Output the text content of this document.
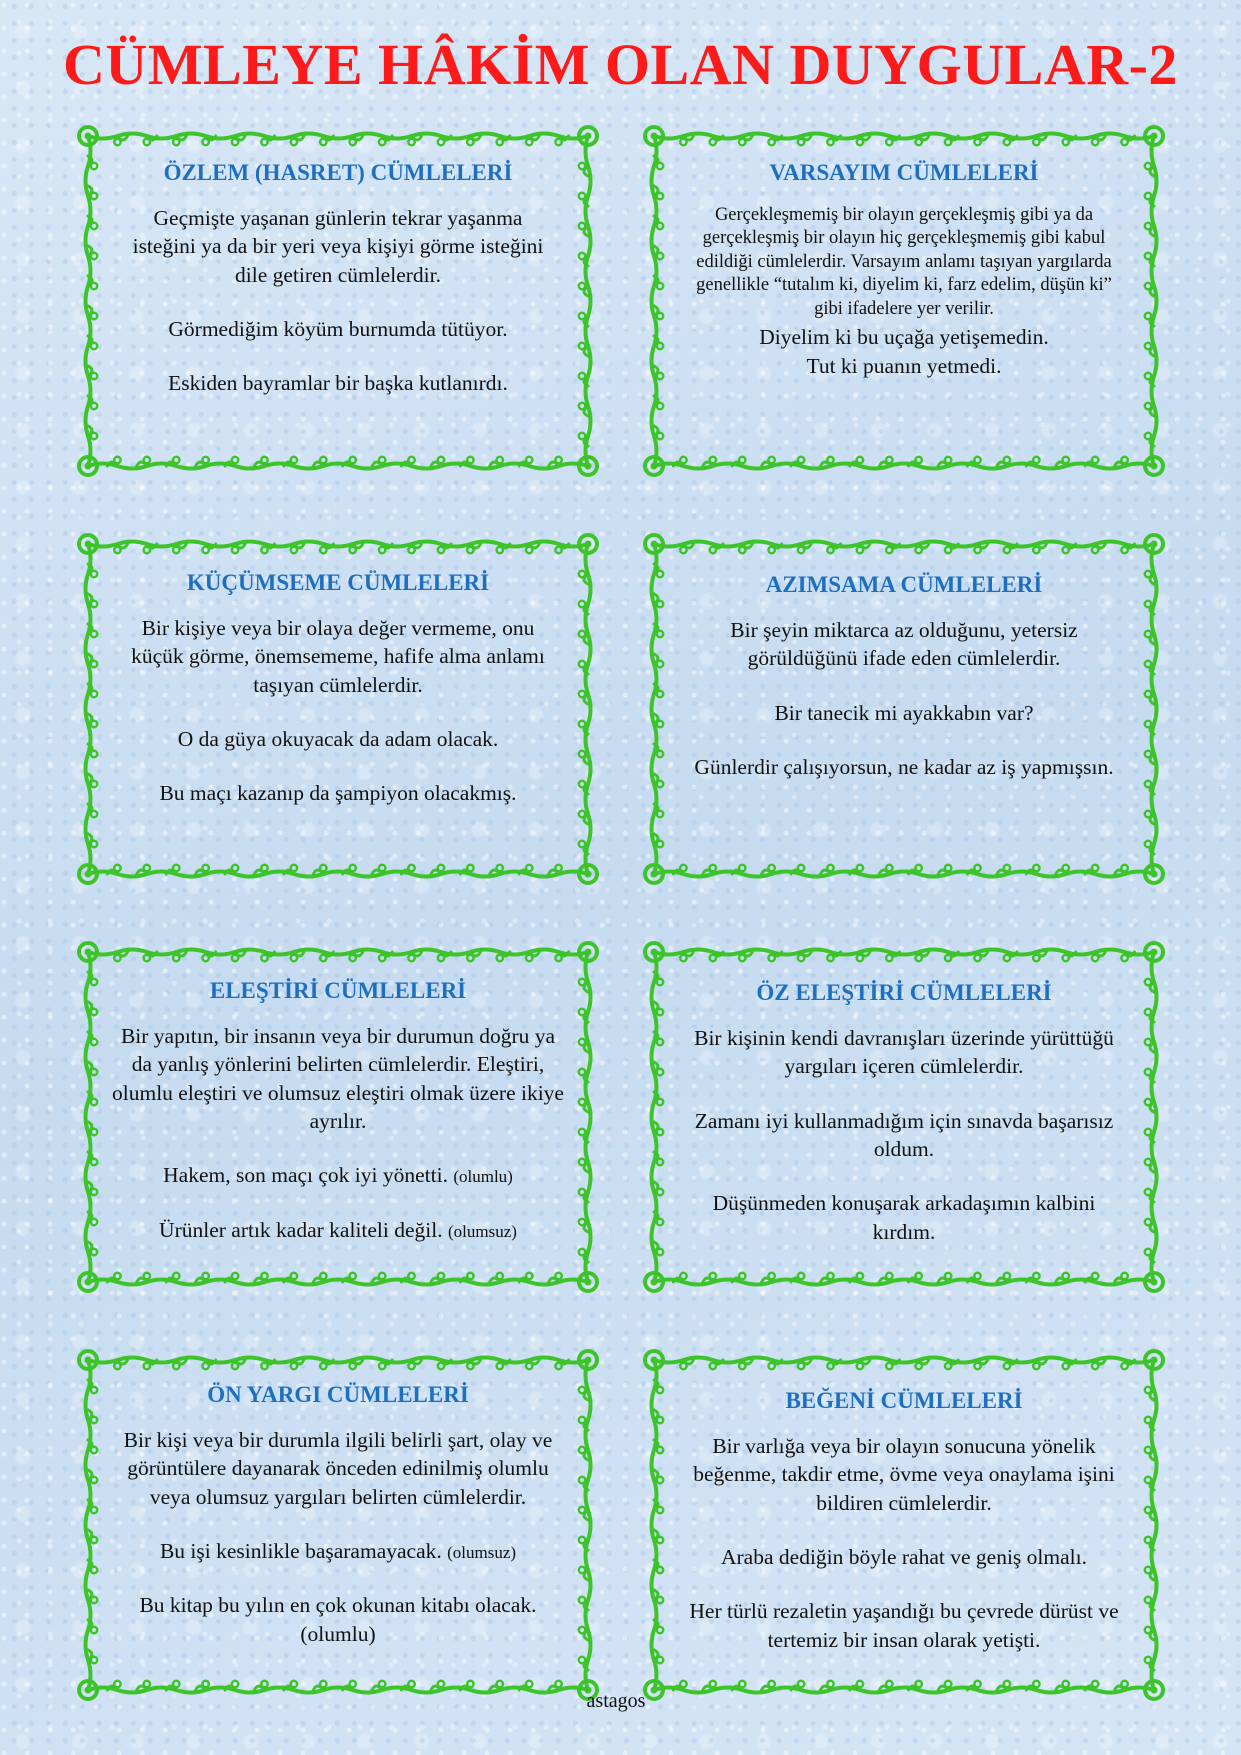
CÜMLEYE HÂKİM OLAN DUYGULAR-2
ÖZLEM (HASRET) CÜMLELERİ

Geçmişte yaşanan günlerin tekrar yaşanma isteğini ya da bir yeri veya kişiyi görme isteğini dile getiren cümlelerdir.

Görmediğim köyüm burnumda tütüyor.

Eskiden bayramlar bir başka kutlanırdı.

VARSAYIM CÜMLELERİ

Gerçekleşmemiş bir olayın gerçekleşmiş gibi ya da gerçekleşmiş bir olayın hiç gerçekleşmemiş gibi kabul edildiği cümlelerdir. Varsayım anlamı taşıyan yargılarda genellikle “tutalım ki, diyelim ki, farz edelim, düşün ki” gibi ifadelere yer verilir.

Diyelim ki bu uçağa yetişemedin.

Tut ki puanın yetmedi.

KÜÇÜMSEME CÜMLELERİ

Bir kişiye veya bir olaya değer vermeme, onu küçük görme, önemsememe, hafife alma anlamı taşıyan cümlelerdir.

O da güya okuyacak da adam olacak.

Bu maçı kazanıp da şampiyon olacakmış.

AZIMSAMA CÜMLELERİ

Bir şeyin miktarca az olduğunu, yetersiz görüldüğünü ifade eden cümlelerdir.

Bir tanecik mi ayakkabın var?

Günlerdir çalışıyorsun, ne kadar az iş yapmışsın.

ELEŞTİRİ CÜMLELERİ

Bir yapıtın, bir insanın veya bir durumun doğru ya da yanlış yönlerini belirten cümlelerdir. Eleştiri, olumlu eleştiri ve olumsuz eleştiri olmak üzere ikiye ayrılır.

Hakem, son maçı çok iyi yönetti. (olumlu)

Ürünler artık kadar kaliteli değil. (olumsuz)

ÖZ ELEŞTİRİ CÜMLELERİ

Bir kişinin kendi davranışları üzerinde yürüttüğü yargıları içeren cümlelerdir.

Zamanı iyi kullanmadığım için sınavda başarısız oldum.

Düşünmeden konuşarak arkadaşımın kalbini kırdım.

ÖN YARGI CÜMLELERİ

Bir kişi veya bir durumla ilgili belirli şart, olay ve görüntülere dayanarak önceden edinilmiş olumlu veya olumsuz yargıları belirten cümlelerdir.

Bu işi kesinlikle başaramayacak. (olumsuz)

Bu kitap bu yılın en çok okunan kitabı olacak. (olumlu)

BEĞENİ CÜMLELERİ

Bir varlığa veya bir olayın sonucuna yönelik beğenme, takdir etme, övme veya onaylama işini bildiren cümlelerdir.

Araba dediğin böyle rahat ve geniş olmalı.

Her türlü rezaletin yaşandığı bu çevrede dürüst ve tertemiz bir insan olarak yetişti.

astagos
